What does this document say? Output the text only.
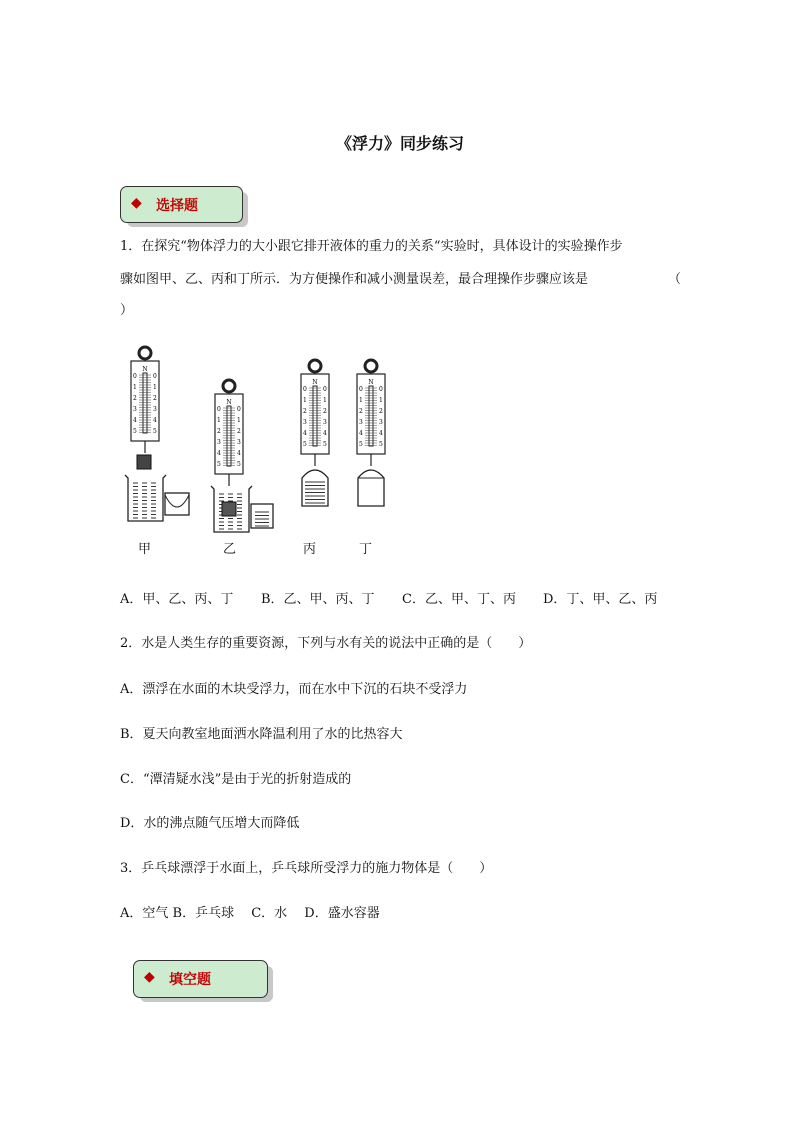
《浮力》同步练习
◆ 选择题
1．在探究“物体浮力的大小跟它排开液体的重力的关系“实验时，具体设计的实验操作步
骤如图甲、乙、丙和丁所示．为方便操作和减小测量误差，最合理操作步骤应该是	（
）
N
0	0
1	1
2	2
3	3
4	4
5	5
N
0	0
1	1
2	2
3	3
4	4
5	5
N
0	0
1	1
2	2
3	3
4	4
5	5
N
0	0
1	1
2	2
3	3
4	4
5	5
甲	乙	丙	丁
A．甲、乙、丙、丁 B．乙、甲、丙、丁 C．乙、甲、丁、丙 D．丁、甲、乙、丙
2．水是人类生存的重要资源，下列与水有关的说法中正确的是（　　）
A．漂浮在水面的木块受浮力，而在水中下沉的石块不受浮力
B．夏天向教室地面洒水降温利用了水的比热容大
C．“潭清疑水浅”是由于光的折射造成的
D．水的沸点随气压增大而降低
3．乒乓球漂浮于水面上，乒乓球所受浮力的施力物体是（　　）
A．空气 B．乒乓球　 C．水　 D．盛水容器
◆ 填空题
